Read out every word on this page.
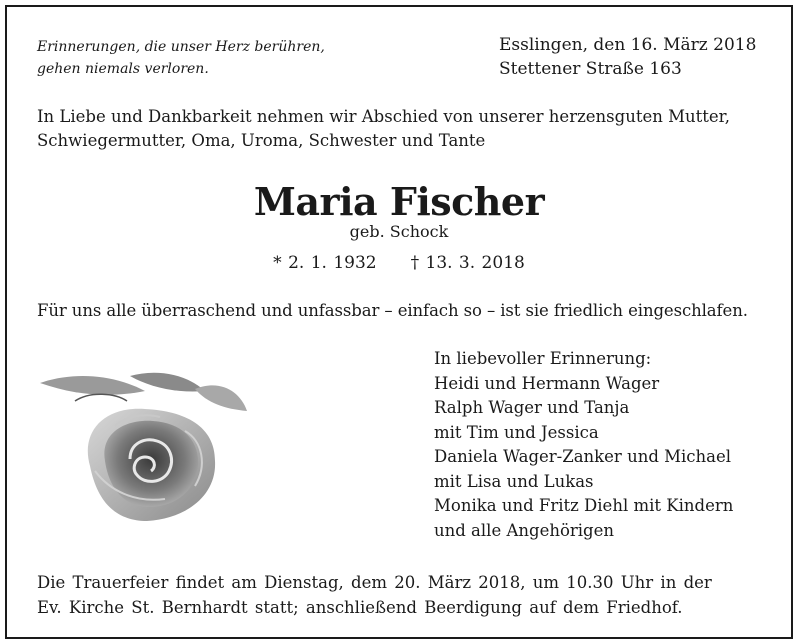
Erinnerungen, die unser Herz berühren,
gehen niemals verloren.
Esslingen, den 16. März 2018
Stettener Straße 163
In Liebe und Dankbarkeit nehmen wir Abschied von unserer herzensguten Mutter,
Schwiegermutter, Oma, Uroma, Schwester und Tante
Maria Fischer
geb. Schock
* 2. 1. 1932 † 13. 3. 2018
Für uns alle überraschend und unfassbar – einfach so – ist sie friedlich eingeschlafen.
In liebevoller Erinnerung:
Heidi und Hermann Wager
Ralph Wager und Tanja
mit Tim und Jessica
Daniela Wager-Zanker und Michael
mit Lisa und Lukas
Monika und Fritz Diehl mit Kindern
und alle Angehörigen
Die Trauerfeier findet am Dienstag, dem 20. März 2018, um 10.30 Uhr in der
Ev. Kirche St. Bernhardt statt; anschließend Beerdigung auf dem Friedhof.
